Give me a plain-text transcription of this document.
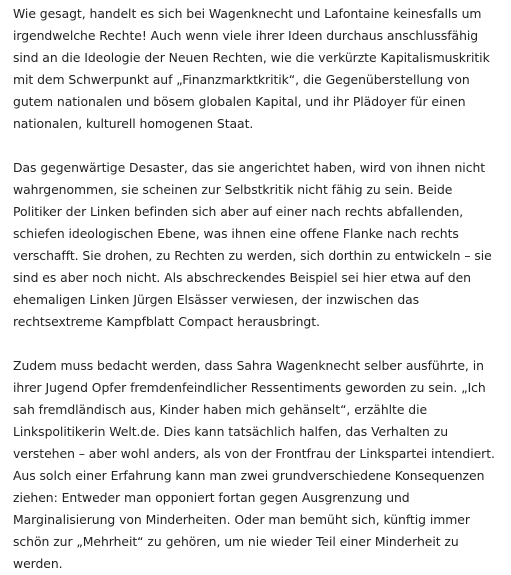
Wie gesagt, handelt es sich bei Wagenknecht und Lafontaine keinesfalls um irgendwelche Rechte! Auch wenn viele ihrer Ideen durchaus anschlussfähig sind an die Ideologie der Neuen Rechten, wie die verkürzte Kapitalismuskritik mit dem Schwerpunkt auf „Finanzmarktkritik“, die Gegenüberstellung von gutem nationalen und bösem globalen Kapital, und ihr Plädoyer für einen nationalen, kulturell homogenen Staat.

Das gegenwärtige Desaster, das sie angerichtet haben, wird von ihnen nicht wahrgenommen, sie scheinen zur Selbstkritik nicht fähig zu sein. Beide Politiker der Linken befinden sich aber auf einer nach rechts abfallenden, schiefen ideologischen Ebene, was ihnen eine offene Flanke nach rechts verschafft. Sie drohen, zu Rechten zu werden, sich dorthin zu entwickeln – sie sind es aber noch nicht. Als abschreckendes Beispiel sei hier etwa auf den ehemaligen Linken Jürgen Elsässer verwiesen, der inzwischen das rechtsextreme Kampfblatt Compact herausbringt.

Zudem muss bedacht werden, dass Sahra Wagenknecht selber ausführte, in ihrer Jugend Opfer fremdenfeindlicher Ressentiments geworden zu sein. „Ich sah fremdländisch aus, Kinder haben mich gehänselt“, erzählte die Linkspolitikerin Welt.de. Dies kann tatsächlich halfen, das Verhalten zu verstehen – aber wohl anders, als von der Frontfrau der Linkspartei intendiert. Aus solch einer Erfahrung kann man zwei grundverschiedene Konsequenzen ziehen: Entweder man opponiert fortan gegen Ausgrenzung und Marginalisierung von Minderheiten. Oder man bemüht sich, künftig immer schön zur „Mehrheit“ zu gehören, um nie wieder Teil einer Minderheit zu werden.
